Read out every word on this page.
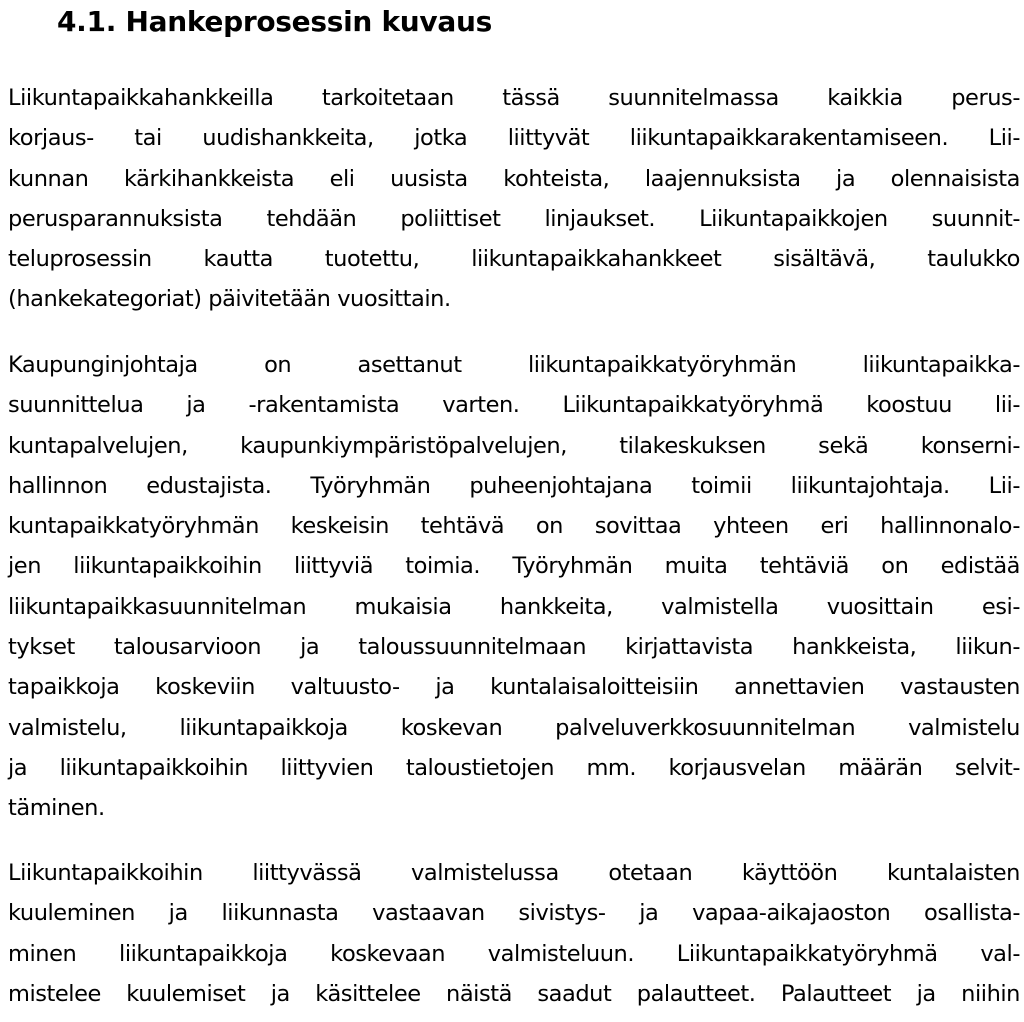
4.1. Hankeprosessin kuvaus
Liikuntapaikkahankkeilla tarkoitetaan tässä suunnitelmassa kaikkia perus-
korjaus- tai uudishankkeita, jotka liittyvät liikuntapaikkarakentamiseen. Lii-
kunnan kärkihankkeista eli uusista kohteista, laajennuksista ja olennaisista
perusparannuksista tehdään poliittiset linjaukset. Liikuntapaikkojen suunnit-
teluprosessin kautta tuotettu, liikuntapaikkahankkeet sisältävä, taulukko
(hankekategoriat) päivitetään vuosittain.
Kaupunginjohtaja on asettanut liikuntapaikkatyöryhmän liikuntapaikka-
suunnittelua ja -rakentamista varten. Liikuntapaikkatyöryhmä koostuu lii-
kuntapalvelujen, kaupunkiympäristöpalvelujen, tilakeskuksen sekä konserni-
hallinnon edustajista. Työryhmän puheenjohtajana toimii liikuntajohtaja. Lii-
kuntapaikkatyöryhmän keskeisin tehtävä on sovittaa yhteen eri hallinnonalo-
jen liikuntapaikkoihin liittyviä toimia. Työryhmän muita tehtäviä on edistää
liikuntapaikkasuunnitelman mukaisia hankkeita, valmistella vuosittain esi-
tykset talousarvioon ja taloussuunnitelmaan kirjattavista hankkeista, liikun-
tapaikkoja koskeviin valtuusto- ja kuntalaisaloitteisiin annettavien vastausten
valmistelu, liikuntapaikkoja koskevan palveluverkkosuunnitelman valmistelu
ja liikuntapaikkoihin liittyvien taloustietojen mm. korjausvelan määrän selvit-
täminen.
Liikuntapaikkoihin liittyvässä valmistelussa otetaan käyttöön kuntalaisten
kuuleminen ja liikunnasta vastaavan sivistys- ja vapaa-aikajaoston osallista-
minen liikuntapaikkoja koskevaan valmisteluun. Liikuntapaikkatyöryhmä val-
mistelee kuulemiset ja käsittelee näistä saadut palautteet. Palautteet ja niihin
